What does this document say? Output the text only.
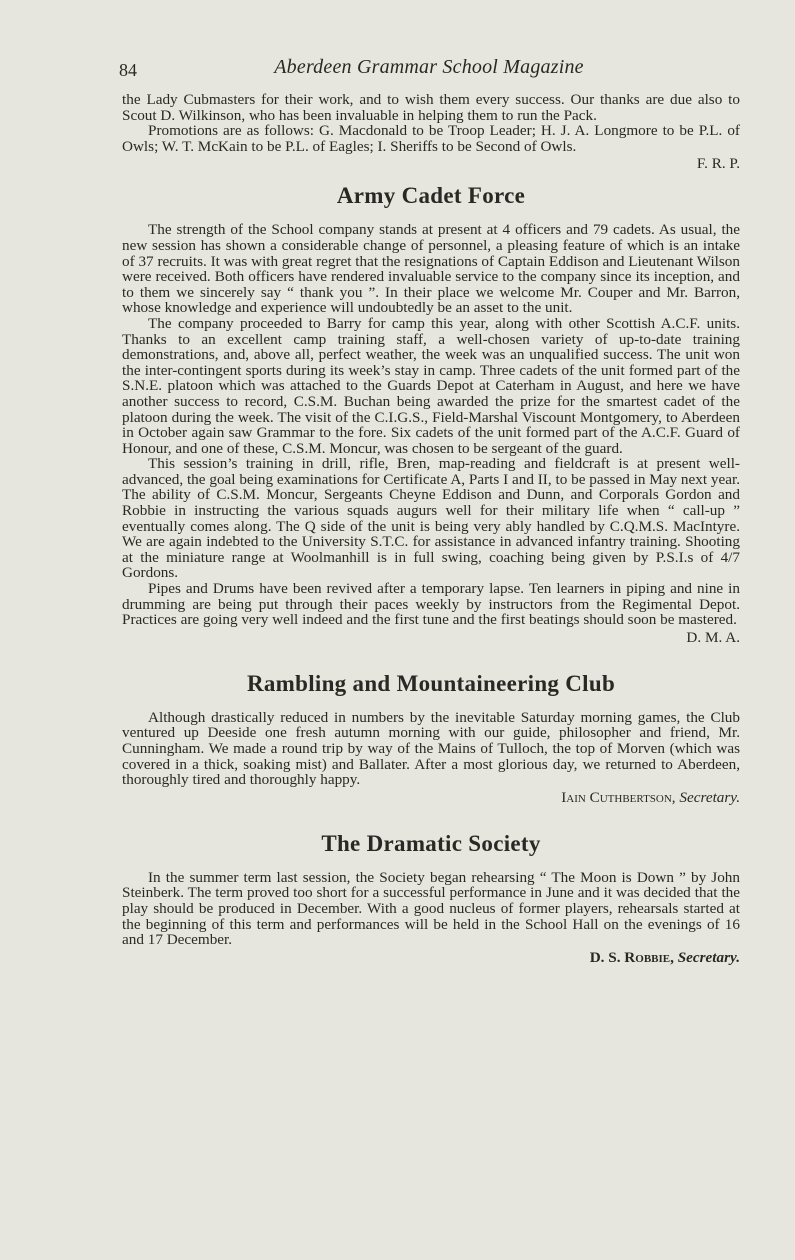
84	Aberdeen Grammar School Magazine

the Lady Cubmasters for their work, and to wish them every success. Our thanks are due also to Scout D. Wilkinson, who has been invaluable in helping them to run the Pack.

Promotions are as follows: G. Macdonald to be Troop Leader; H. J. A. Longmore to be P.L. of Owls; W. T. McKain to be P.L. of Eagles; I. Sheriffs to be Second of Owls.

F. R. P.
Army Cadet Force

The strength of the School company stands at present at 4 officers and 79 cadets. As usual, the new session has shown a considerable change of personnel, a pleasing feature of which is an intake of 37 recruits. It was with great regret that the resignations of Captain Eddison and Lieutenant Wilson were received. Both officers have rendered invaluable service to the company since its inception, and to them we sincerely say “ thank you ”. In their place we welcome Mr. Couper and Mr. Barron, whose knowledge and experience will undoubtedly be an asset to the unit.

The company proceeded to Barry for camp this year, along with other Scottish A.C.F. units. Thanks to an excellent camp training staff, a well-chosen variety of up-to-date training demonstrations, and, above all, perfect weather, the week was an unqualified success. The unit won the inter-contingent sports during its week’s stay in camp. Three cadets of the unit formed part of the S.N.E. platoon which was attached to the Guards Depot at Caterham in August, and here we have another success to record, C.S.M. Buchan being awarded the prize for the smartest cadet of the platoon during the week. The visit of the C.I.G.S., Field-Marshal Viscount Montgomery, to Aberdeen in October again saw Grammar to the fore. Six cadets of the unit formed part of the A.C.F. Guard of Honour, and one of these, C.S.M. Moncur, was chosen to be sergeant of the guard.

This session’s training in drill, rifle, Bren, map-reading and fieldcraft is at present well-advanced, the goal being examinations for Certificate A, Parts I and II, to be passed in May next year. The ability of C.S.M. Moncur, Sergeants Cheyne Eddison and Dunn, and Corporals Gordon and Robbie in instructing the various squads augurs well for their military life when “ call-up ” eventually comes along. The Q side of the unit is being very ably handled by C.Q.M.S. MacIntyre. We are again indebted to the University S.T.C. for assistance in advanced infantry training. Shooting at the miniature range at Woolmanhill is in full swing, coaching being given by P.S.I.s of 4/7 Gordons.

Pipes and Drums have been revived after a temporary lapse. Ten learners in piping and nine in drumming are being put through their paces weekly by instructors from the Regimental Depot. Practices are going very well indeed and the first tune and the first beatings should soon be mastered.

D. M. A.
Rambling and Mountaineering Club

Although drastically reduced in numbers by the inevitable Saturday morning games, the Club ventured up Deeside one fresh autumn morning with our guide, philosopher and friend, Mr. Cunningham. We made a round trip by way of the Mains of Tulloch, the top of Morven (which was covered in a thick, soaking mist) and Ballater. After a most glorious day, we returned to Aberdeen, thoroughly tired and thoroughly happy.

Iain Cuthbertson, Secretary.
The Dramatic Society

In the summer term last session, the Society began rehearsing “ The Moon is Down ” by John Steinberk. The term proved too short for a successful performance in June and it was decided that the play should be produced in December. With a good nucleus of former players, rehearsals started at the beginning of this term and performances will be held in the School Hall on the evenings of 16 and 17 December.

D. S. Robbie, Secretary.
